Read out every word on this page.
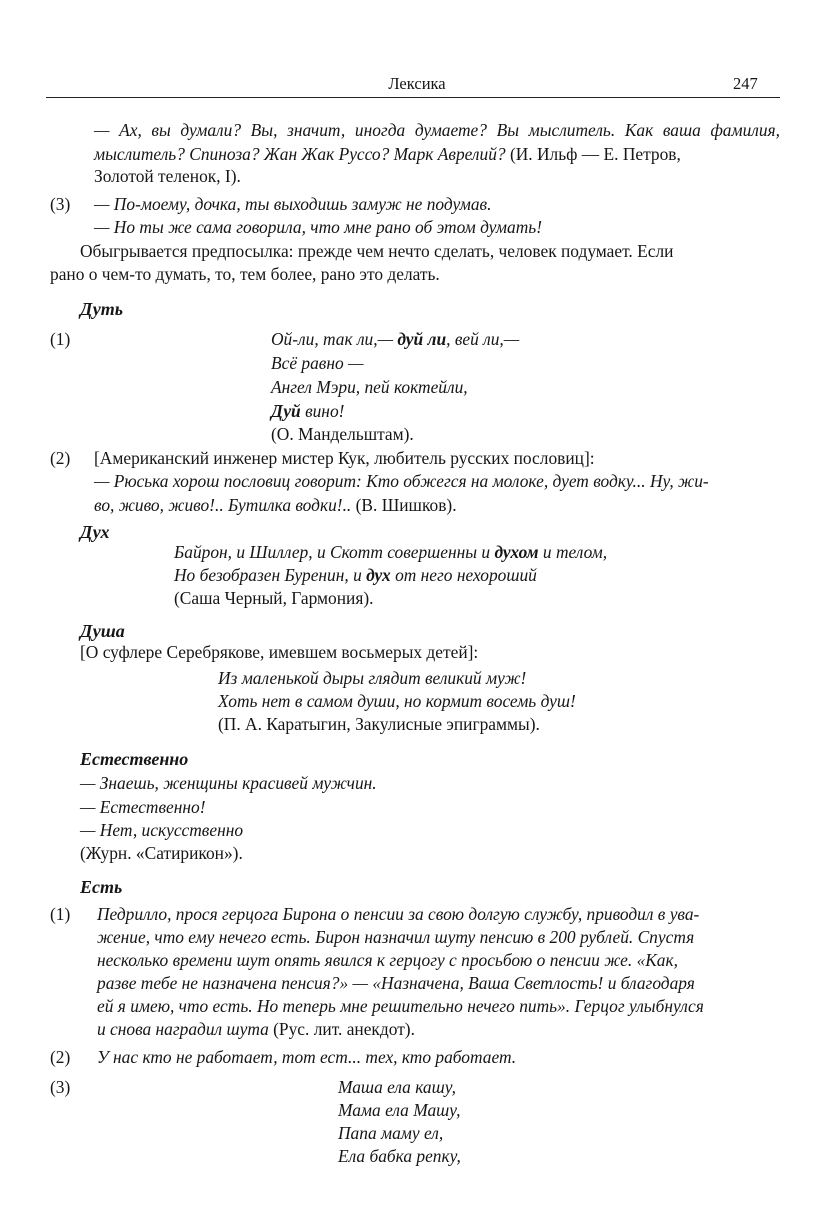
Лексика	247
— Ах, вы думали? Вы, значит, иногда думаете? Вы мыслитель. Как ваша фамилия, мыслитель? Спиноза? Жан Жак Руссо? Марк Аврелий? (И. Ильф — Е. Петров,
Золотой теленок, I).
(3) — По-моему, дочка, ты выходишь замуж не подумав.
— Но ты же сама говорила, что мне рано об этом думать!
Обыгрывается предпосылка: прежде чем нечто сделать, человек подумает. Если
рано о чем-то думать, то, тем более, рано это делать.
Дуть
(1)	Ой-ли, так ли,— дуй ли, вей ли,—
Всё равно —
Ангел Мэри, пей коктейли,
Дуй вино!
(О. Мандельштам).
(2) [Американский инженер мистер Кук, любитель русских пословиц]:
— Рюська хорош пословиц говорит: Кто обжегся на молоке, дует водку... Ну, жи-
во, живо, живо!.. Бутилка водки!.. (В. Шишков).
Дух
Байрон, и Шиллер, и Скотт совершенны и духом и телом,
Но безобразен Буренин, и дух от него нехороший
(Саша Черный, Гармония).
Душа
[О суфлере Серебрякове, имевшем восьмерых детей]:
Из маленькой дыры глядит великий муж!
Хоть нет в самом души, но кормит восемь душ!
(П. А. Каратыгин, Закулисные эпиграммы).
Естественно
— Знаешь, женщины красивей мужчин.
— Естественно!
— Нет, искусственно
(Журн. «Сатирикон»).
Есть
(1) Педрилло, прося герцога Бирона о пенсии за свою долгую службу, приводил в ува-
жение, что ему нечего есть. Бирон назначил шуту пенсию в 200 рублей. Спустя
несколько времени шут опять явился к герцогу с просьбою о пенсии же. «Как,
разве тебе не назначена пенсия?» — «Назначена, Ваша Светлость! и благодаря
ей я имею, что есть. Но теперь мне решительно нечего пить». Герцог улыбнулся
и снова наградил шута (Рус. лит. анекдот).
(2) У нас кто не работает, тот ест... тех, кто работает.
(3)	Маша ела кашу,
Мама ела Машу,
Папа маму ел,
Ела бабка репку,
